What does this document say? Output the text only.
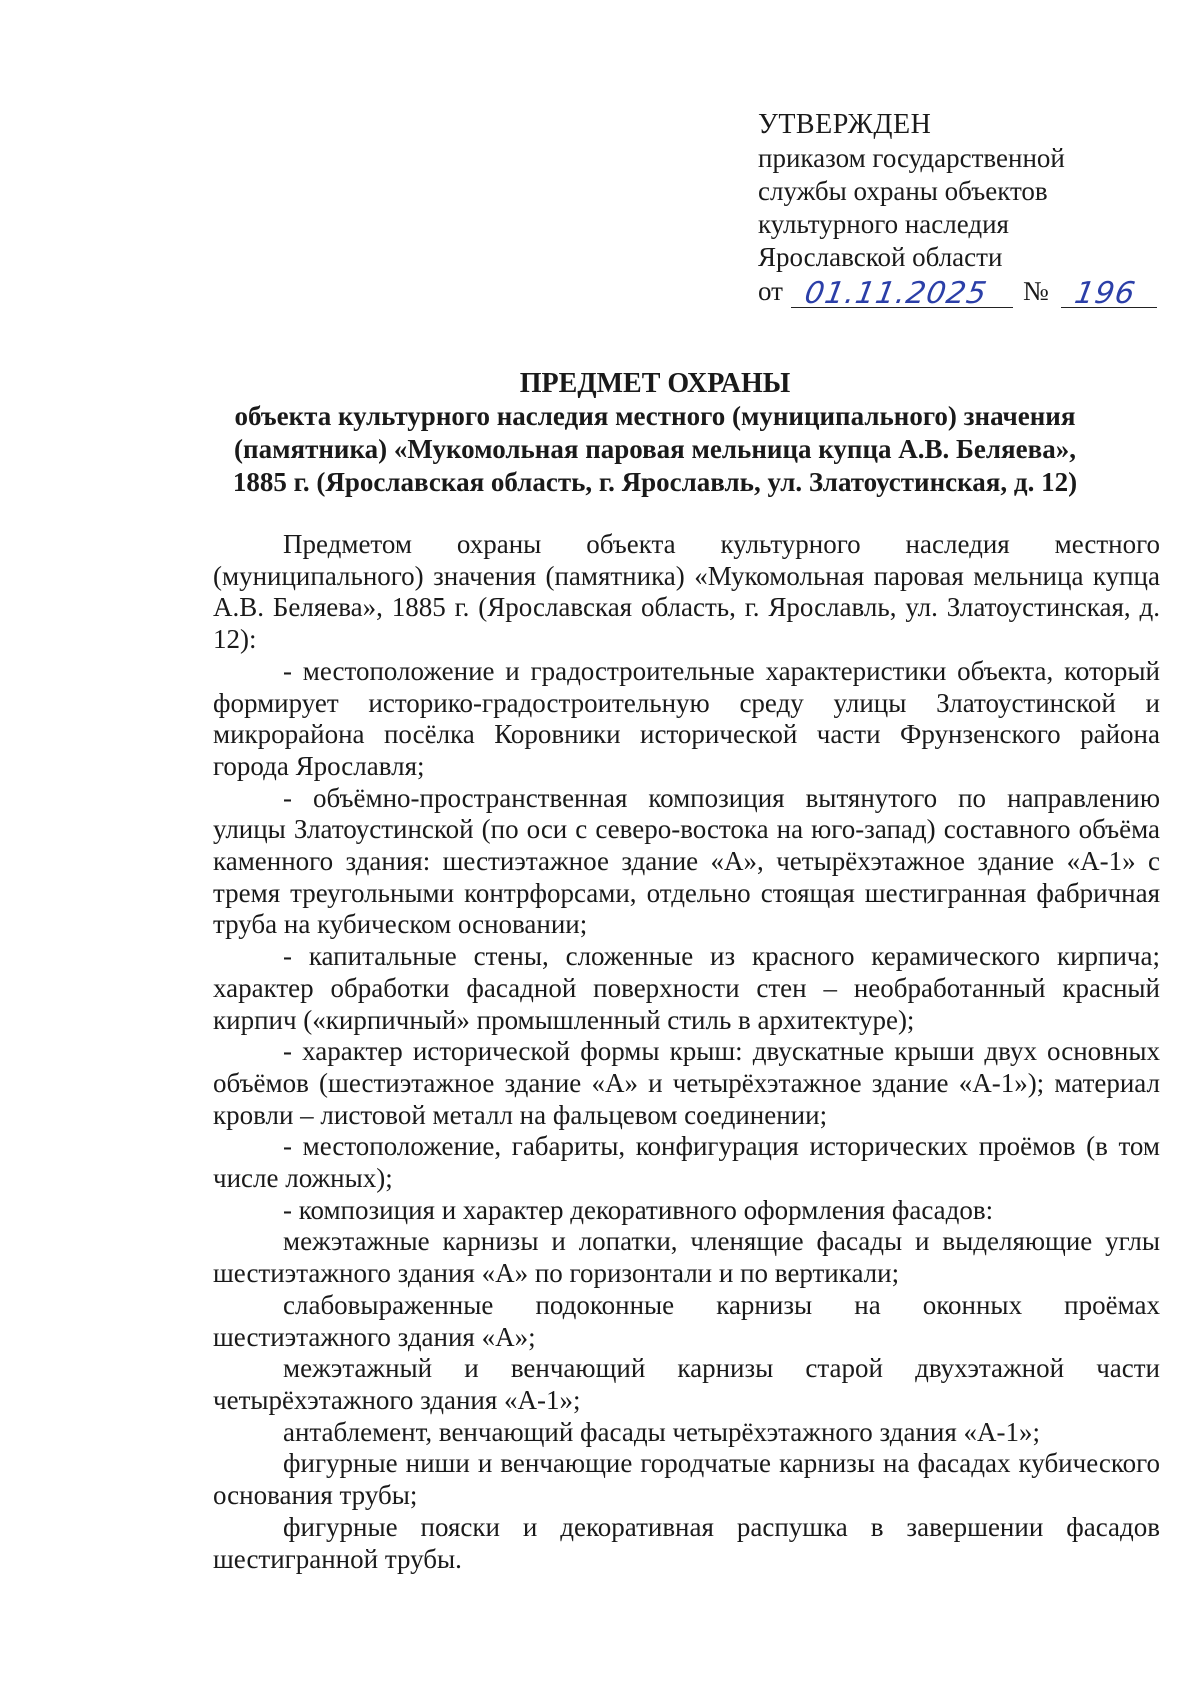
УТВЕРЖДЕН
приказом государственной
службы охраны объектов
культурного наследия
Ярославской области
от 01.11.2025 № 196
ПРЕДМЕТ ОХРАНЫ
объекта культурного наследия местного (муниципального) значения
(памятника) «Мукомольная паровая мельница купца А.В. Беляева»,
1885 г. (Ярославская область, г. Ярославль, ул. Златоустинская, д. 12)

Предметом охраны объекта культурного наследия местного (муниципального) значения (памятника) «Мукомольная паровая мельница купца А.В. Беляева», 1885 г. (Ярославская область, г. Ярославль, ул. Златоустинская, д. 12):

- местоположение и градостроительные характеристики объекта, который формирует историко-градостроительную среду улицы Златоустинской и микрорайона посёлка Коровники исторической части Фрунзенского района города Ярославля;

- объёмно-пространственная композиция вытянутого по направлению улицы Златоустинской (по оси с северо-востока на юго-запад) составного объёма каменного здания: шестиэтажное здание «А», четырёхэтажное здание «А-1» с тремя треугольными контрфорсами, отдельно стоящая шестигранная фабричная труба на кубическом основании;

- капитальные стены, сложенные из красного керамического кирпича; характер обработки фасадной поверхности стен – необработанный красный кирпич («кирпичный» промышленный стиль в архитектуре);

- характер исторической формы крыш: двускатные крыши двух основных объёмов (шестиэтажное здание «А» и четырёхэтажное здание «А-1»); материал кровли – листовой металл на фальцевом соединении;

- местоположение, габариты, конфигурация исторических проёмов (в том числе ложных);

- композиция и характер декоративного оформления фасадов:

межэтажные карнизы и лопатки, членящие фасады и выделяющие углы шестиэтажного здания «А» по горизонтали и по вертикали;

слабовыраженные подоконные карнизы на оконных проёмах шестиэтажного здания «А»;

межэтажный и венчающий карнизы старой двухэтажной части четырёхэтажного здания «А-1»;

антаблемент, венчающий фасады четырёхэтажного здания «А-1»;

фигурные ниши и венчающие городчатые карнизы на фасадах кубического основания трубы;

фигурные пояски и декоративная распушка в завершении фасадов шестигранной трубы.
